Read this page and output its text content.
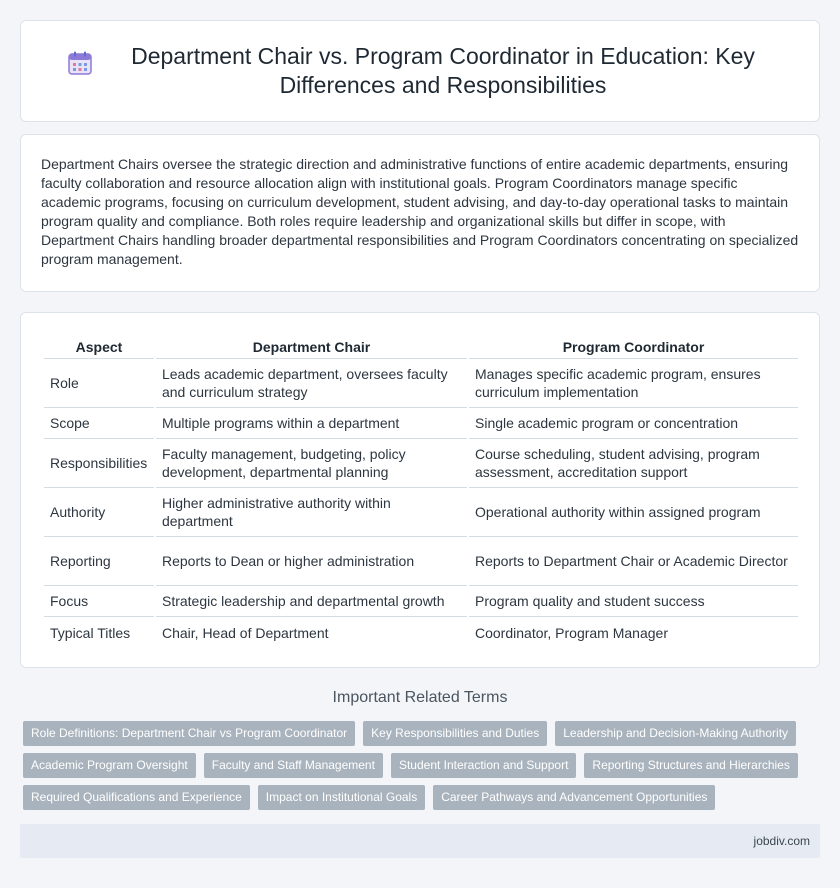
Department Chair vs. Program Coordinator in Education: Key Differences and Responsibilities

Department Chairs oversee the strategic direction and administrative functions of entire academic departments, ensuring faculty collaboration and resource allocation align with institutional goals. Program Coordinators manage specific academic programs, focusing on curriculum development, student advising, and day-to-day operational tasks to maintain program quality and compliance. Both roles require leadership and organizational skills but differ in scope, with Department Chairs handling broader departmental responsibilities and Program Coordinators concentrating on specialized program management.

Aspect	Department Chair	Program Coordinator
Role	Leads academic department, oversees faculty and curriculum strategy	Manages specific academic program, ensures curriculum implementation
Scope	Multiple programs within a department	Single academic program or concentration
Responsibilities	Faculty management, budgeting, policy development, departmental planning	Course scheduling, student advising, program assessment, accreditation support
Authority	Higher administrative authority within department	Operational authority within assigned program
Reporting	Reports to Dean or higher administration	Reports to Department Chair or Academic Director
Focus	Strategic leadership and departmental growth	Program quality and student success
Typical Titles	Chair, Head of Department	Coordinator, Program Manager
Important Related Terms
Role Definitions: Department Chair vs Program Coordinator	Key Responsibilities and Duties	Leadership and Decision-Making Authority
Academic Program Oversight	Faculty and Staff Management	Student Interaction and Support	Reporting Structures and Hierarchies
Required Qualifications and Experience	Impact on Institutional Goals	Career Pathways and Advancement Opportunities
jobdiv.com
